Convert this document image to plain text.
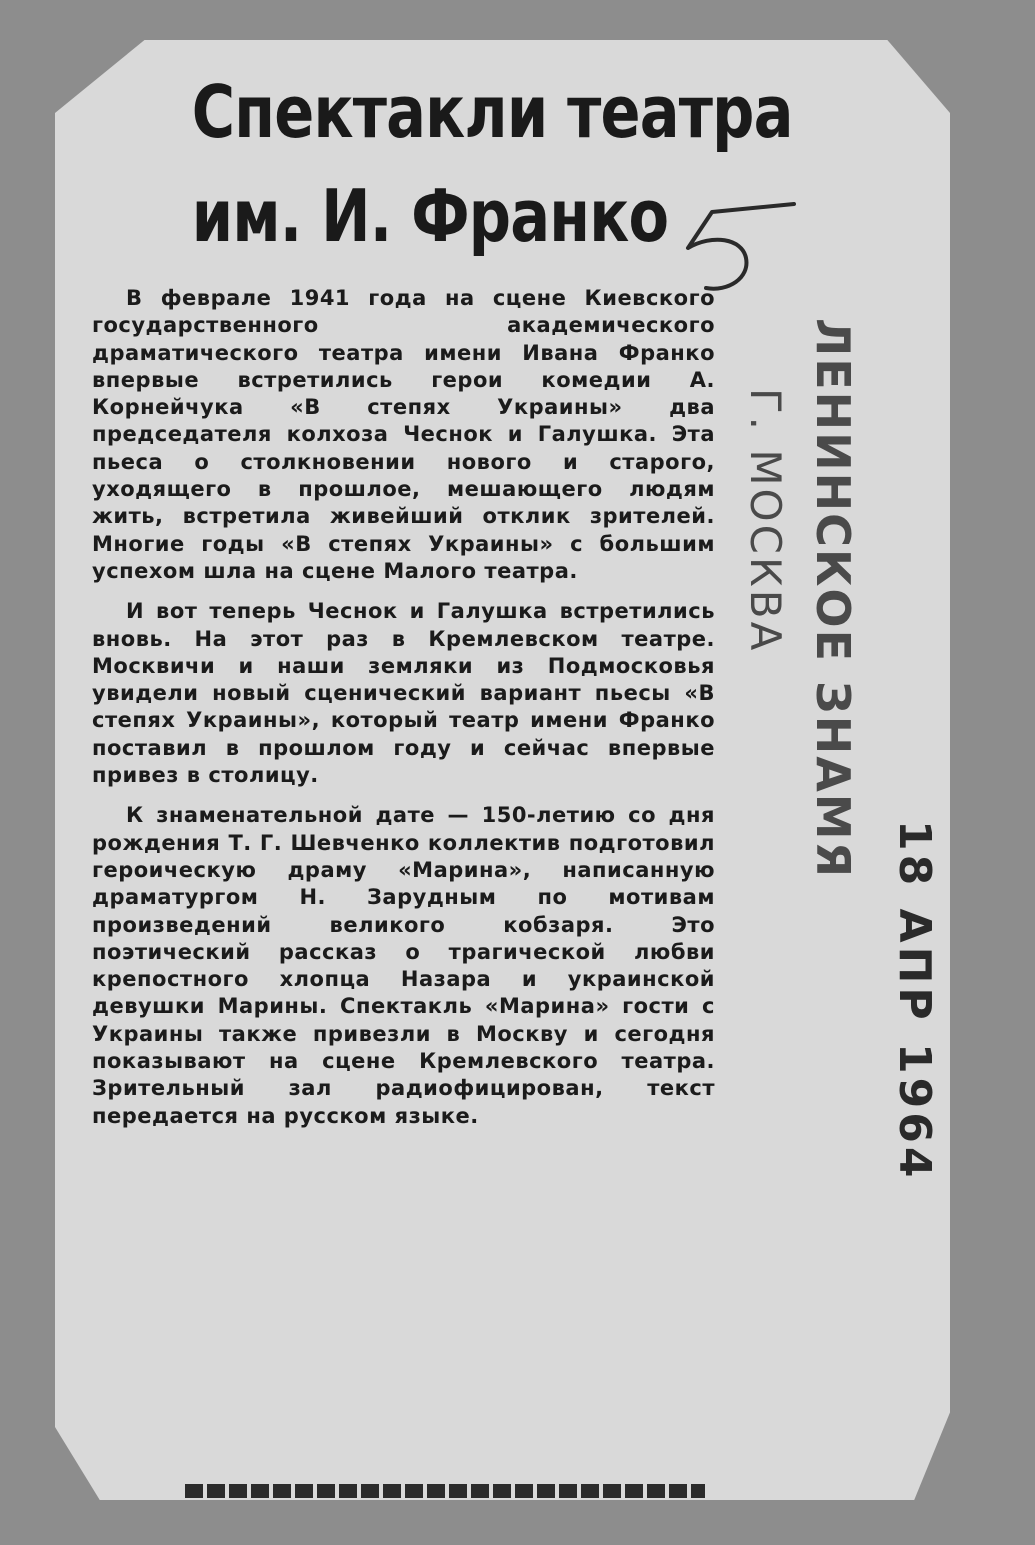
Спектакли театра
им. И. Франко

В феврале 1941 года на сцене Киевского государственного академического драматического театра имени Ивана Франко впервые встретились герои комедии А. Корнейчука «В степях Украины» два председателя колхоза Чеснок и Галушка. Эта пьеса о столкновении нового и старого, уходящего в прошлое, мешающего людям жить, встретила живейший отклик зрителей. Многие годы «В степях Украины» с большим успехом шла на сцене Малого театра.

И вот теперь Чеснок и Галушка встретились вновь. На этот раз в Кремлевском театре. Москвичи и наши земляки из Подмосковья увидели новый сценический вариант пьесы «В степях Украины», который театр имени Франко поставил в прошлом году и сейчас впервые привез в столицу.

К знаменательной дате — 150-летию со дня рождения Т. Г. Шевченко коллектив подготовил героическую драму «Марина», написанную драматургом Н. Зарудным по мотивам произведений великого кобзаря. Это поэтический рассказ о трагической любви крепостного хлопца Назара и украинской девушки Марины. Спектакль «Марина» гости с Украины также привезли в Москву и сегодня показывают на сцене Кремлевского театра. Зрительный зал радиофицирован, текст передается на русском языке.

ЛЕНИНСКОЕ ЗНАМЯ
Г. МОСКВА
18 АПР 1964
